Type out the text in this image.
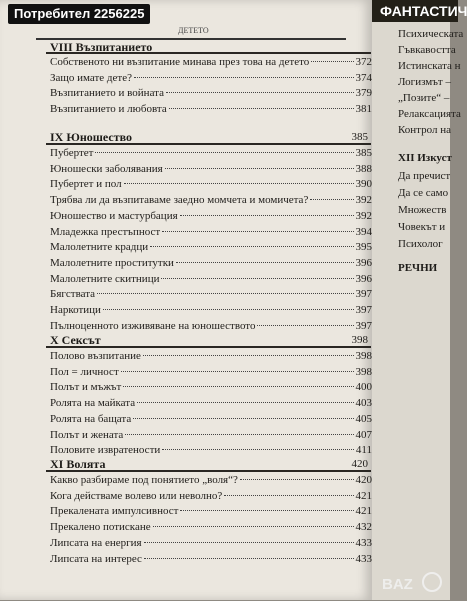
ДЕТЕТО
VIII Възпитанието
Собственото ни възпитание минава през това на детето	372
Защо имате дете?	374
Възпитанието и войната	379
Възпитанието и любовта	381
IX Юношество	385
Пубертет	385
Юношески заболявания	388
Пубертет и пол	390
Трябва ли да възпитаваме заедно момчета и момичета?	392
Юношество и мастурбация	392
Младежка престъпност	394
Малолетните крадци	395
Малолетните проститутки	396
Малолетните скитници	396
Бягствата	397
Наркотици	397
Пълноценното изживяване на юношеството	397
X Сексът	398
Полово възпитание	398
Пол = личност	398
Полът и мъжът	400
Ролята на майката	403
Ролята на бащата	405
Полът и жената	407
Половите извратености	411
XI Волята	420
Какво разбираме под понятието „воля“?	420
Кога действаме волево или неволно?	421
Прекалената импулсивност	421
Прекалено потискане	432
Липсата на енергия	433
Липсата на интерес	433
ФАНТАСТИЧ
Психическата
Гъвкавостта
Истинската н
Логизмът –
„Позите“ –
Релаксацията
Контрол на
XII Изкуст
Да пречист
Да се само
Множеств
Човекът и
Психолог
РЕЧНИ
BAZ
Потребител 2256225
